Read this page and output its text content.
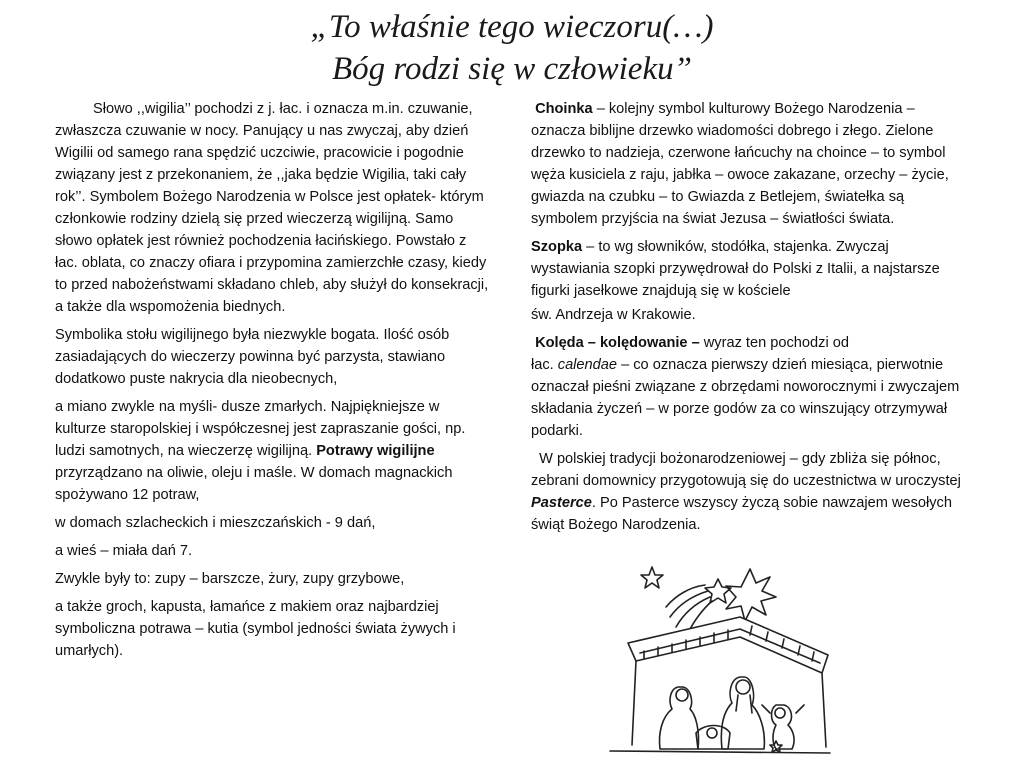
„To właśnie tego wieczoru(…)
Bóg rodzi się w człowieku”

Słowo ,,wigilia’’ pochodzi z j. łac. i oznacza m.in. czuwanie, zwłaszcza czuwanie w nocy. Panujący u nas zwyczaj, aby dzień Wigilii od samego rana spędzić uczciwie, pracowicie i pogodnie związany jest z przekonaniem, że ,,jaka będzie Wigilia, taki cały rok’’. Symbolem Bożego Narodzenia w Polsce jest opłatek- którym członkowie rodziny dzielą się przed wieczerzą wigilijną. Samo słowo opłatek jest również pochodzenia łacińskiego. Powstało z łac. oblata, co znaczy ofiara i przypomina zamierzchłe czasy, kiedy to przed nabożeństwami składano chleb, aby służył do konsekracji, a także dla wspomożenia biednych.

Symbolika stołu wigilijnego była niezwykle bogata. Ilość osób zasiadających do wieczerzy powinna być parzysta, stawiano dodatkowo puste nakrycia dla nieobecnych,

a miano zwykle na myśli- dusze zmarłych. Najpiękniejsze w kulturze staropolskiej i współczesnej jest zapraszanie gości, np. ludzi samotnych, na wieczerzę wigilijną. Potrawy wigilijne przyrządzano na oliwie, oleju i maśle. W domach magnackich spożywano 12 potraw,

w domach szlacheckich i mieszczańskich - 9 dań,

a wieś – miała dań 7.

Zwykle były to: zupy – barszcze, żury, zupy grzybowe,

a także groch, kapusta, łamańce z makiem oraz najbardziej symboliczna potrawa – kutia (symbol jedności świata żywych i umarłych).

Choinka – kolejny symbol kulturowy Bożego Narodzenia – oznacza biblijne drzewko wiadomości dobrego i złego. Zielone drzewko to nadzieja, czerwone łańcuchy na choince – to symbol węża kusiciela z raju, jabłka – owoce zakazane, orzechy – życie, gwiazda na czubku – to Gwiazda z Betlejem, światełka są symbolem przyjścia na świat Jezusa – światłości świata.

Szopka – to wg słowników, stodółka, stajenka. Zwyczaj wystawiania szopki przywędrował do Polski z Italii, a najstarsze figurki jasełkowe znajdują się w kościele

św. Andrzeja w Krakowie.

Kolęda – kolędowanie – wyraz ten pochodzi od
łac. calendae – co oznacza pierwszy dzień miesiąca, pierwotnie oznaczał pieśni związane z obrzędami noworocznymi i zwyczajem składania życzeń – w porze godów za co winszujący otrzymywał podarki.

W polskiej tradycji bożonarodzeniowej – gdy zbliża się północ, zebrani domownicy przygotowują się do uczestnictwa w uroczystej Pasterce. Po Pasterce wszyscy życzą sobie nawzajem wesołych świąt Bożego Narodzenia.
